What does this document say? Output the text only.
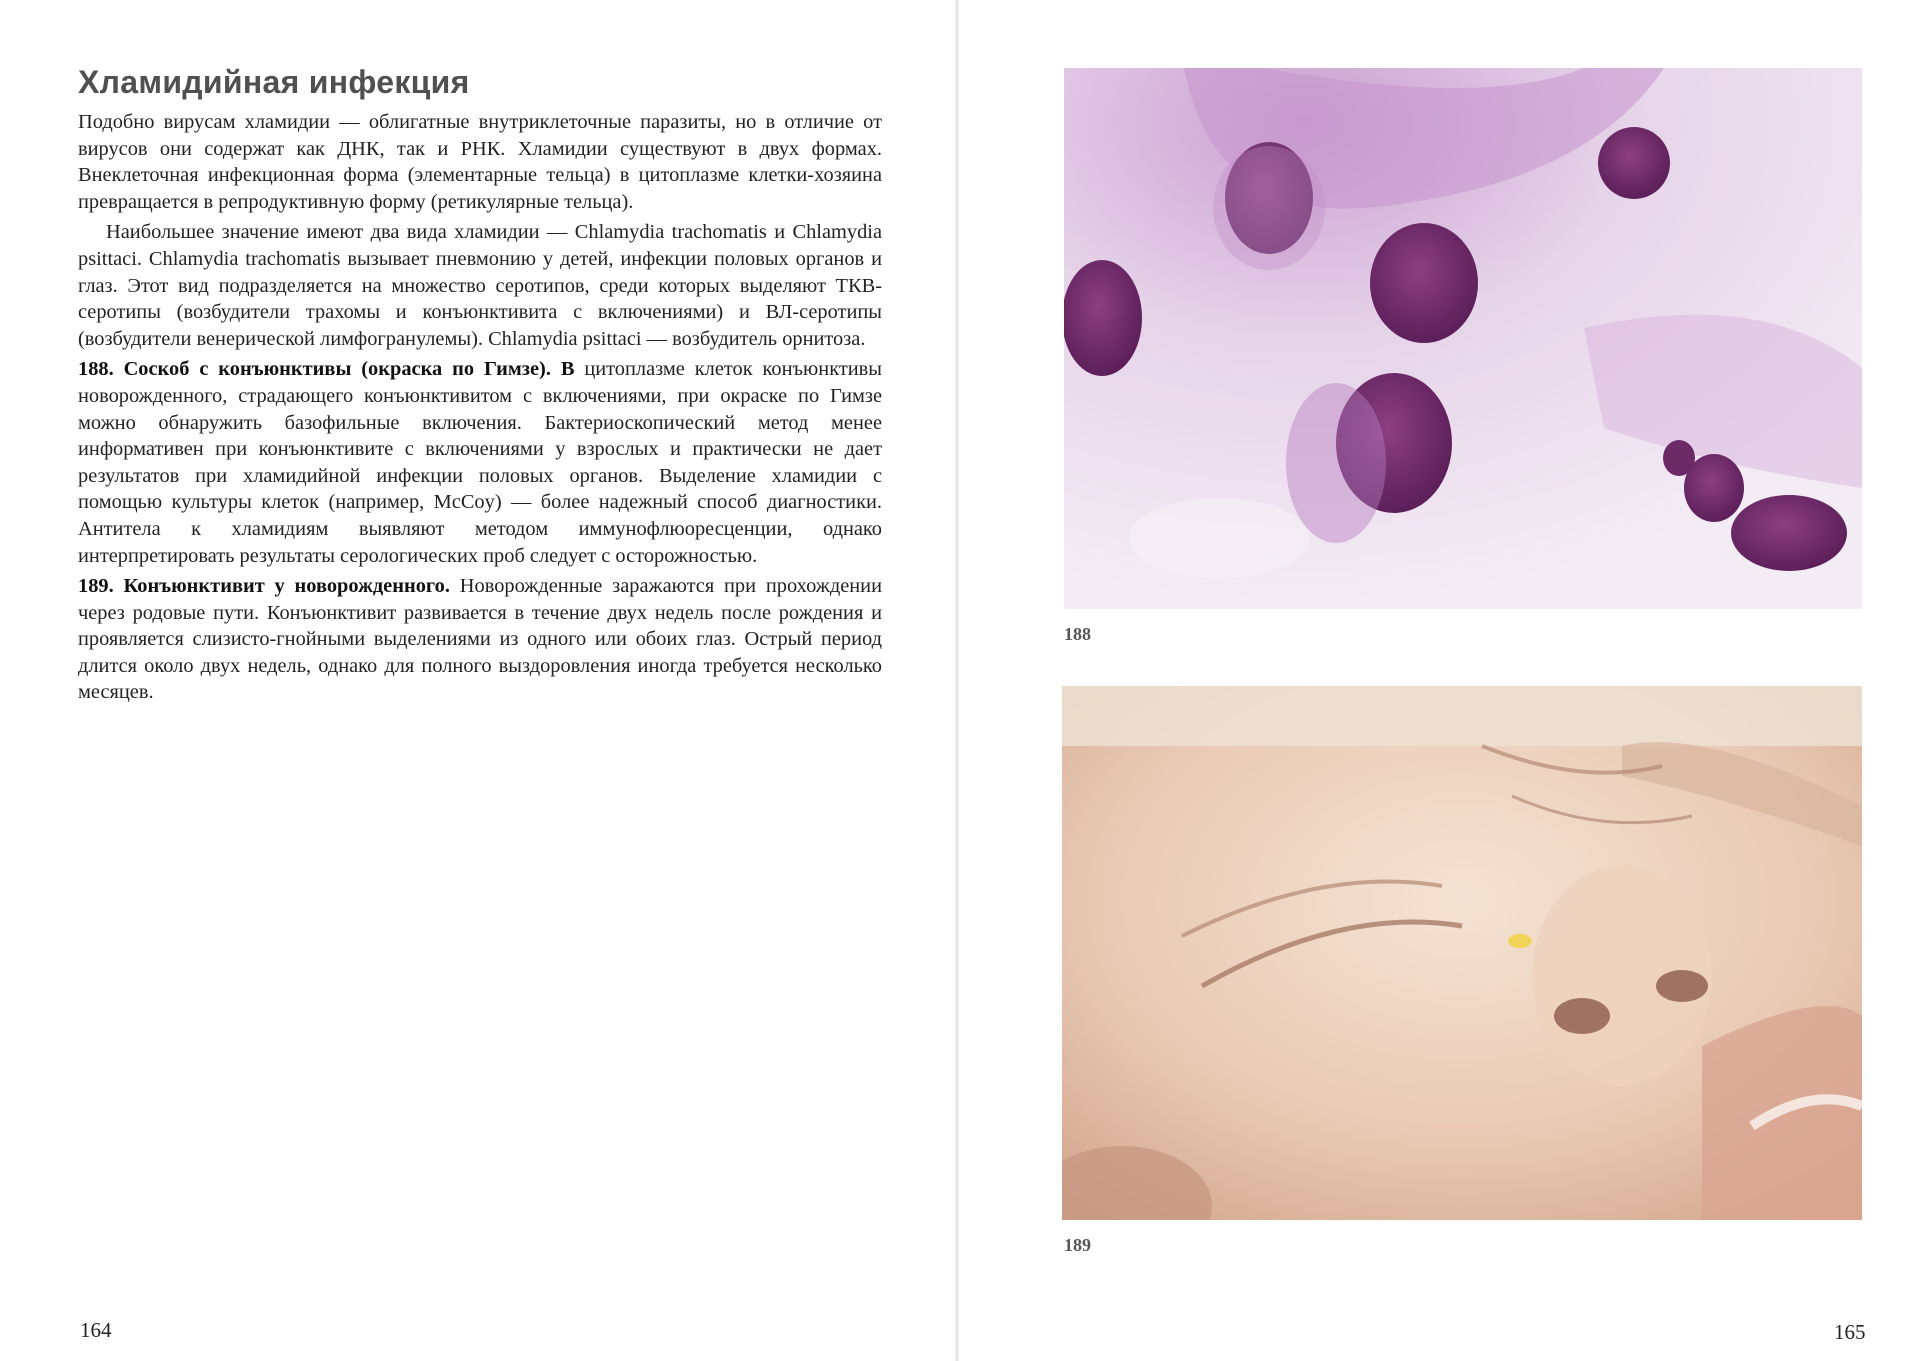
Хламидийная инфекция

Подобно вирусам хламидии — облигатные внутриклеточные паразиты, но в отличие от вирусов они содержат как ДНК, так и РНК. Хламидии существуют в двух формах. Внеклеточная инфекционная форма (элементарные тельца) в цитоплазме клетки-хозяина превращается в репродуктивную форму (ретикулярные тельца).

Наибольшее значение имеют два вида хламидии — Chlamydia trachomatis и Chlamydia psittaci. Chlamydia trachomatis вызывает пневмонию у детей, инфекции половых органов и глаз. Этот вид подразделяется на множество серотипов, среди которых выделяют ТКВ-серотипы (возбудители трахомы и конъюнктивита с включениями) и ВЛ-серотипы (возбудители венерической лимфогранулемы). Chlamydia psittaci — возбудитель орнитоза.

188. Соскоб с конъюнктивы (окраска по Гимзе). В цитоплазме клеток конъюнктивы новорожденного, страдающего конъюнктивитом с включениями, при окраске по Гимзе можно обнаружить базофильные включения. Бактериоскопический метод менее информативен при конъюнктивите с включениями у взрослых и практически не дает результатов при хламидийной инфекции половых органов. Выделение хламидии с помощью культуры клеток (например, McCoy) — более надежный способ диагностики. Антитела к хламидиям выявляют методом иммунофлюоресценции, однако интерпретировать результаты серологических проб следует с осторожностью.

189. Конъюнктивит у новорожденного. Новорожденные заражаются при прохождении через родовые пути. Конъюнктивит развивается в течение двух недель после рождения и проявляется слизисто-гнойными выделениями из одного или обоих глаз. Острый период длится около двух недель, однако для полного выздоровления иногда требуется несколько месяцев.

164
188
189
165
